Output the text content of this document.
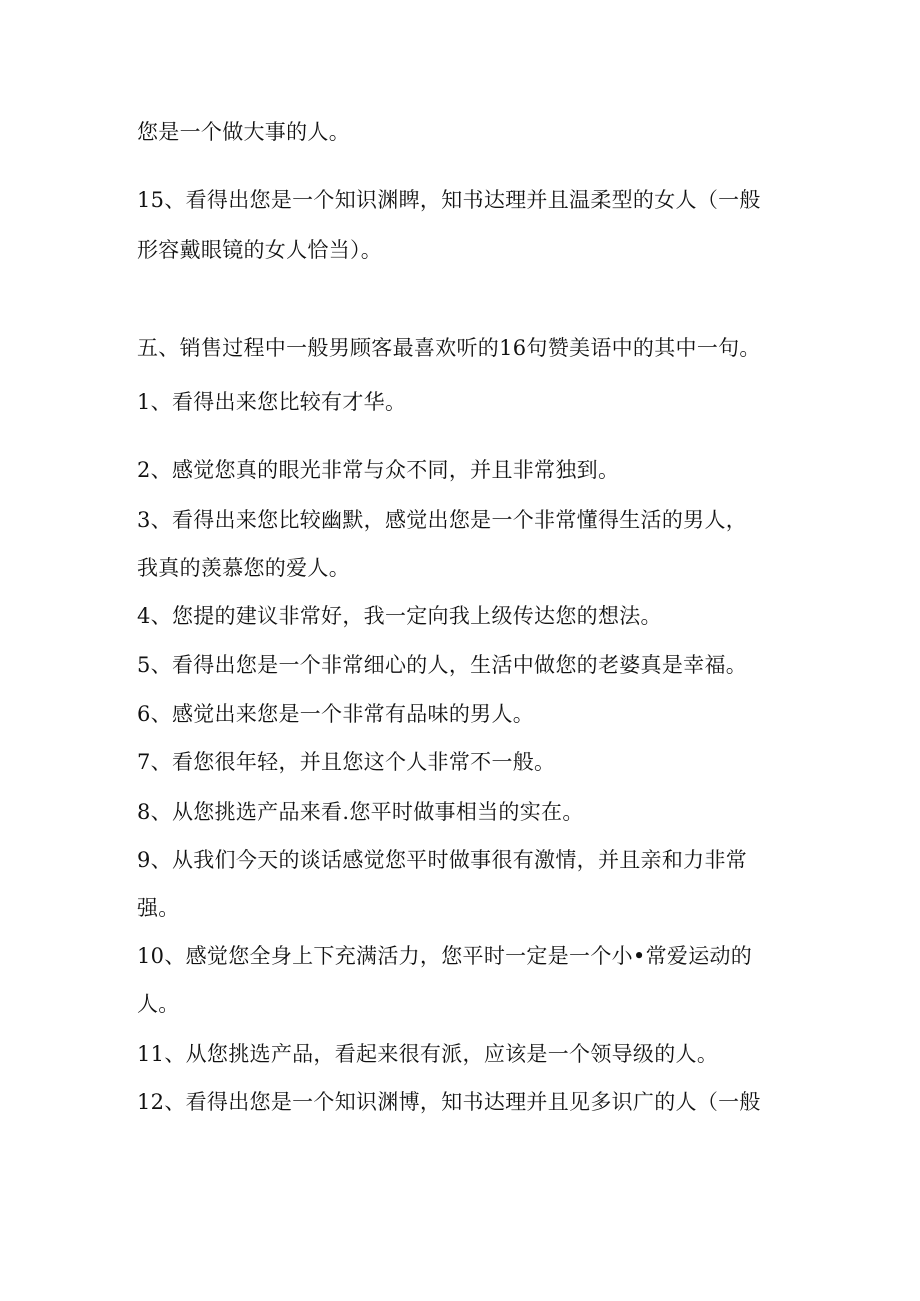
您是一个做大事的人。
15、看得出您是一个知识渊睥，知书达理并且温柔型的女人（一般
形容戴眼镜的女人恰当）。
五、销售过程中一般男顾客最喜欢听的16句赞美语中的其中一句。
1、看得出来您比较有才华。
2、感觉您真的眼光非常与众不同，并且非常独到。
3、看得出来您比较幽默，感觉出您是一个非常懂得生活的男人，
我真的羡慕您的爱人。
4、您提的建议非常好，我一定向我上级传达您的想法。
5、看得出您是一个非常细心的人，生活中做您的老婆真是幸福。
6、感觉出来您是一个非常有品味的男人。
7、看您很年轻，并且您这个人非常不一般。
8、从您挑选产品来看.您平时做事相当的实在。
9、从我们今天的谈话感觉您平时做事很有激情，并且亲和力非常
强。
10、感觉您全身上下充满活力，您平时一定是一个小•常爱运动的
人。
11、从您挑选产品，看起来很有派，应该是一个领导级的人。
12、看得出您是一个知识渊博，知书达理并且见多识广的人（一般
